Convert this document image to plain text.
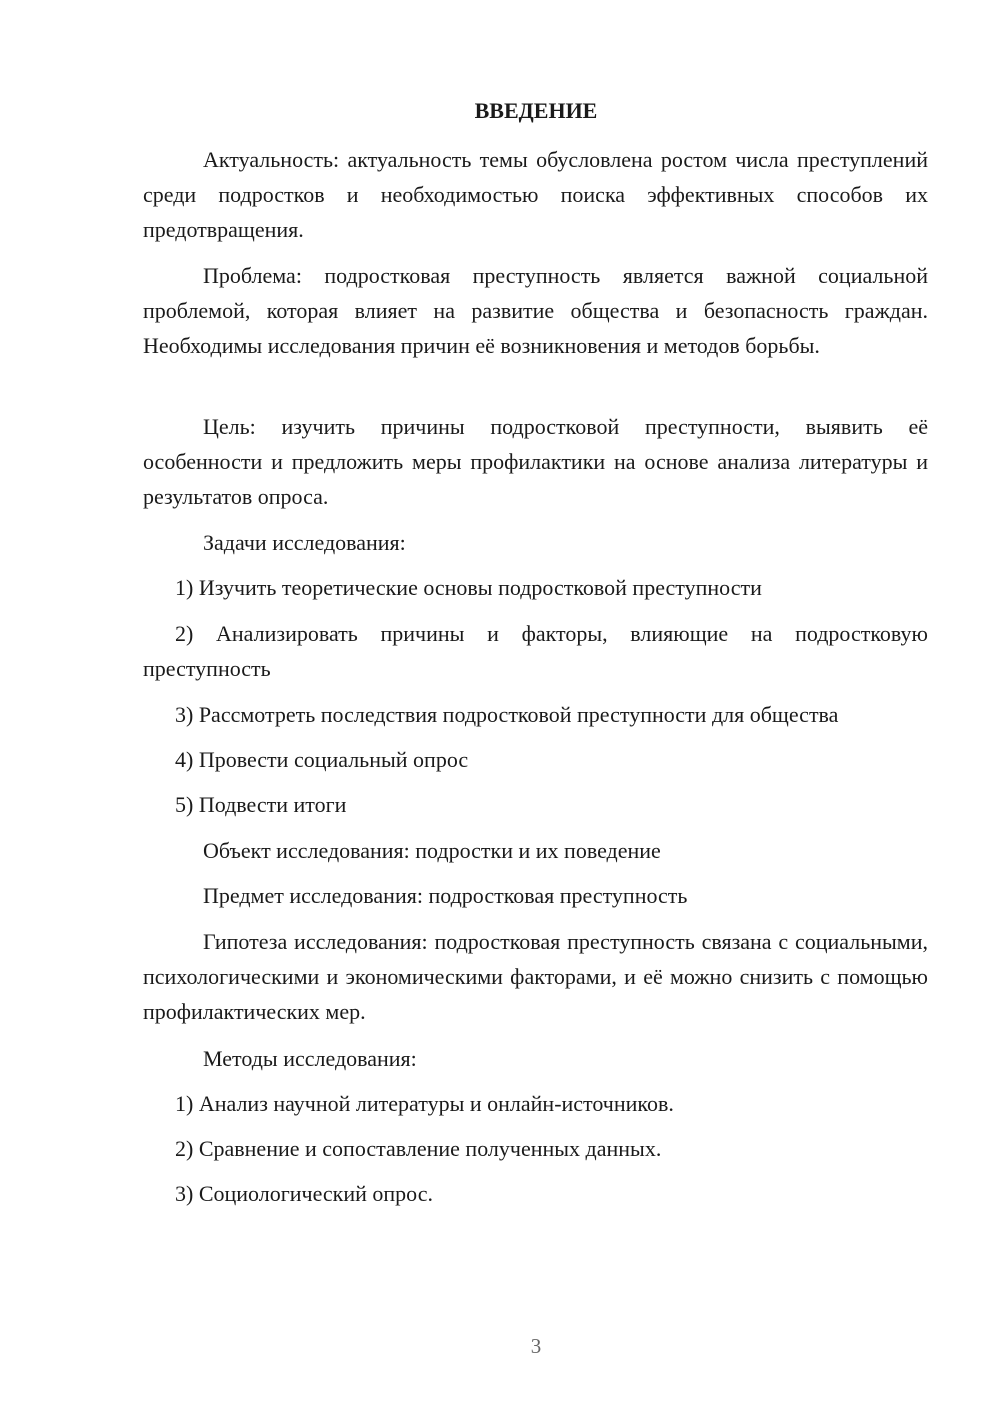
ВВЕДЕНИЕ

Актуальность: актуальность темы обусловлена ростом числа преступлений среди подростков и необходимостью поиска эффективных способов их предотвращения.

Проблема: подростковая преступность является важной социальной проблемой, которая влияет на развитие общества и безопасность граждан. Необходимы исследования причин её возникновения и методов борьбы.

Цель: изучить причины подростковой преступности, выявить её особенности и предложить меры профилактики на основе анализа литературы и результатов опроса.

Задачи исследования:

1) Изучить теоретические основы подростковой преступности

2) Анализировать причины и факторы, влияющие на подростковую преступность

3) Рассмотреть последствия подростковой преступности для общества

4) Провести социальный опрос

5) Подвести итоги

Объект исследования: подростки и их поведение

Предмет исследования: подростковая преступность

Гипотеза исследования: подростковая преступность связана с социальными, психологическими и экономическими факторами, и её можно снизить с помощью профилактических мер.

Методы исследования:

1) Анализ научной литературы и онлайн-источников.

2) Сравнение и сопоставление полученных данных.

3) Социологический опрос.

3
